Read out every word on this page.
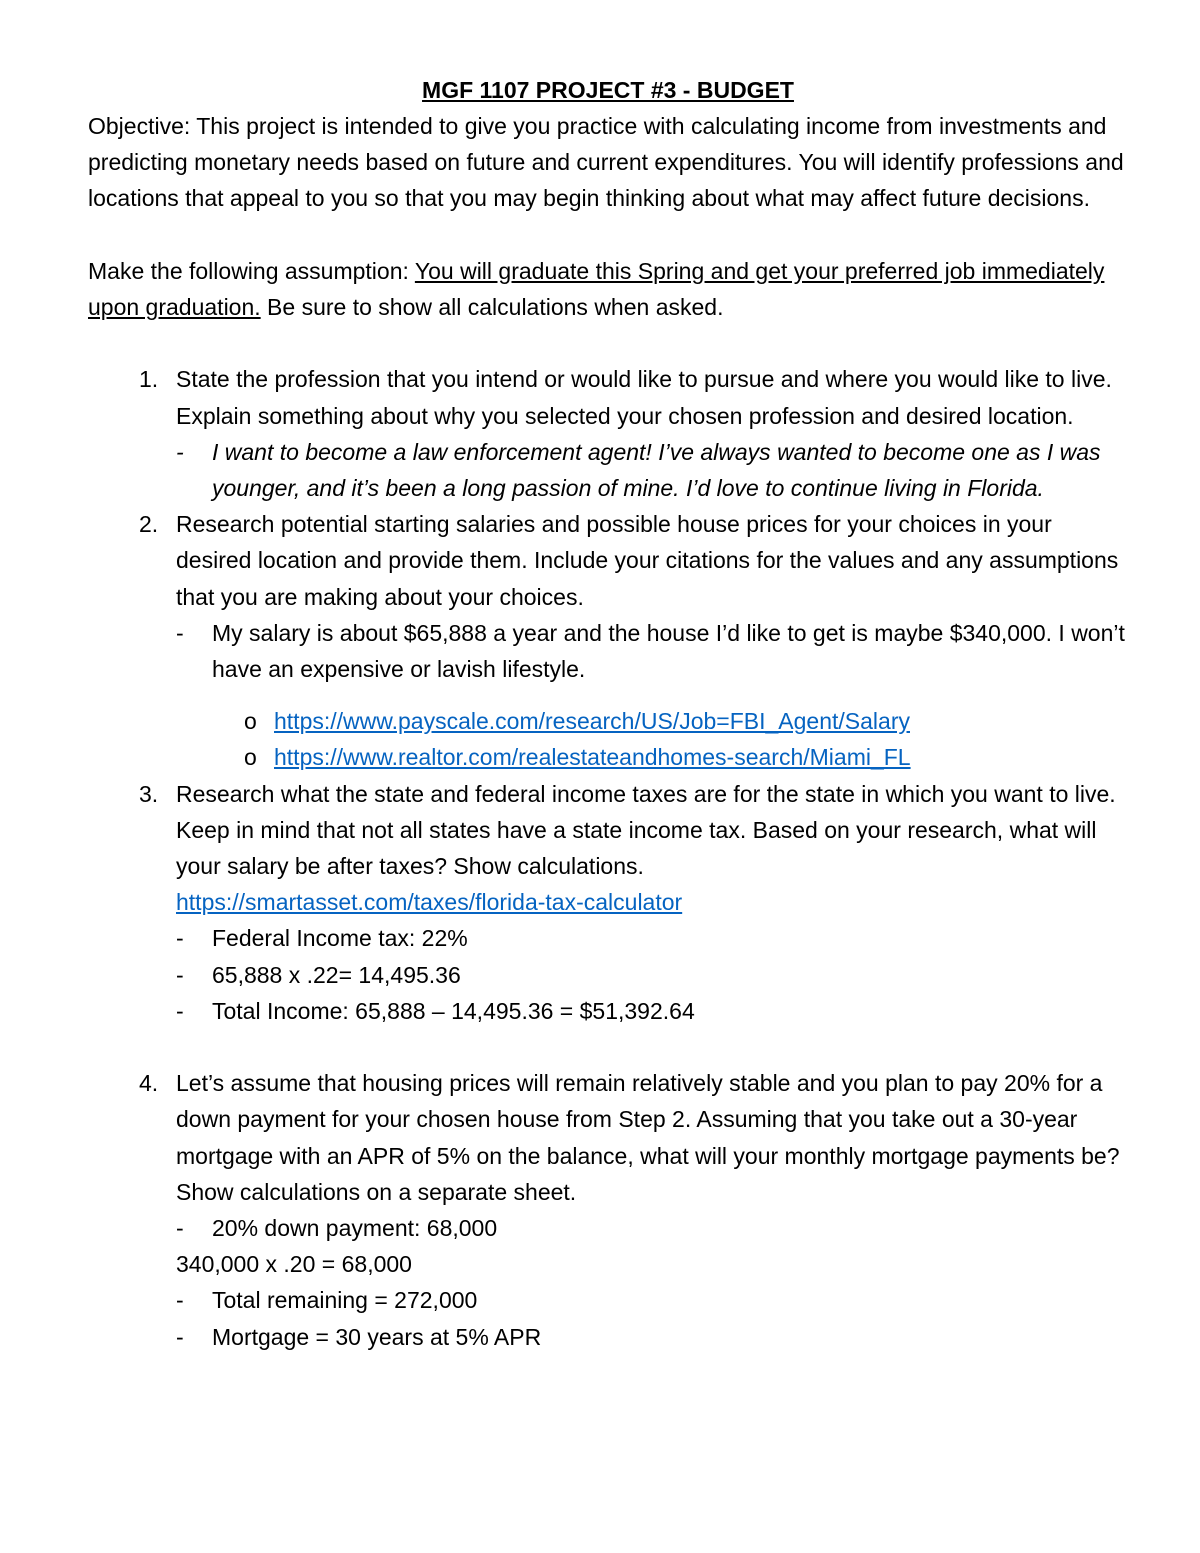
MGF 1107 PROJECT #3 - BUDGET

Objective: This project is intended to give you practice with calculating income from investments and predicting monetary needs based on future and current expenditures. You will identify professions and locations that appeal to you so that you may begin thinking about what may affect future decisions.

Make the following assumption: You will graduate this Spring and get your preferred job immediately upon graduation. Be sure to show all calculations when asked.

1. State the profession that you intend or would like to pursue and where you would like to live. Explain something about why you selected your chosen profession and desired location.
- I want to become a law enforcement agent! I’ve always wanted to become one as I was younger, and it’s been a long passion of mine. I’d love to continue living in Florida.
2. Research potential starting salaries and possible house prices for your choices in your desired location and provide them. Include your citations for the values and any assumptions that you are making about your choices.
- My salary is about $65,888 a year and the house I’d like to get is maybe $340,000. I won’t have an expensive or lavish lifestyle.
o https://www.payscale.com/research/US/Job=FBI_Agent/Salary
o https://www.realtor.com/realestateandhomes-search/Miami_FL
3. Research what the state and federal income taxes are for the state in which you want to live. Keep in mind that not all states have a state income tax. Based on your research, what will your salary be after taxes? Show calculations.
https://smartasset.com/taxes/florida-tax-calculator
- Federal Income tax: 22%
- 65,888 x .22= 14,495.36
- Total Income: 65,888 – 14,495.36 = $51,392.64
4. Let’s assume that housing prices will remain relatively stable and you plan to pay 20% for a down payment for your chosen house from Step 2. Assuming that you take out a 30-year mortgage with an APR of 5% on the balance, what will your monthly mortgage payments be? Show calculations on a separate sheet.
- 20% down payment: 68,000
340,000 x .20 = 68,000
- Total remaining = 272,000
- Mortgage = 30 years at 5% APR
